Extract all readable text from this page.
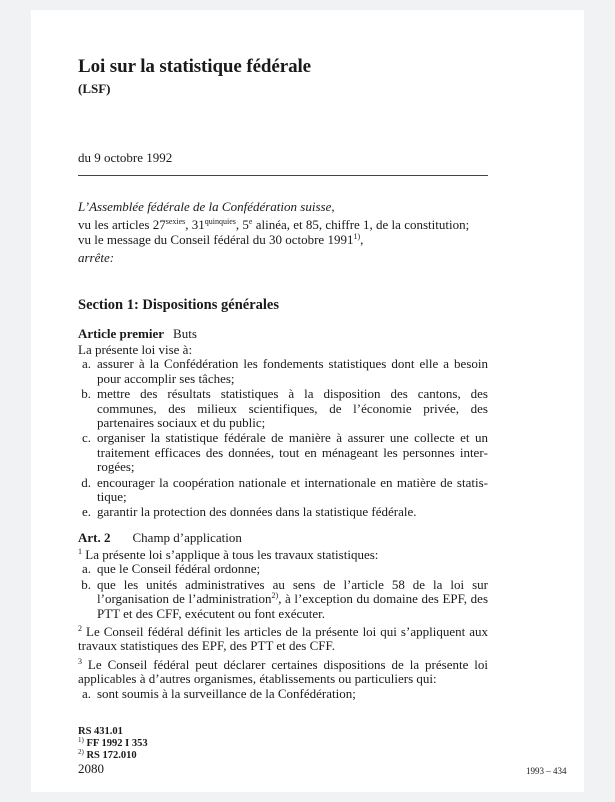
Loi sur la statistique fédérale
(LSF)
du 9 octobre 1992
L’Assemblée fédérale de la Confédération suisse,
vu les articles $27^{sexies}$, $31^{quinquies}$, 5e alinéa, et 85, chiffre 1, de la constitution;
vu le message du Conseil fédéral du 30 octobre 1991$^{1)}$,
arrête:
Section 1: Dispositions générales
Article premier Buts
La présente loi vise à:
a. assurer à la Confédération les fondements statistiques dont elle a besoin pour accomplir ses tâches;
b. mettre des résultats statistiques à la disposition des cantons, des communes, des milieux scientifiques, de l’économie privée, des partenaires sociaux et du public;
c. organiser la statistique fédérale de manière à assurer une collecte et un traitement efficaces des données, tout en ménageant les personnes interrogées;
d. encourager la coopération nationale et internationale en matière de statistique;
e. garantir la protection des données dans la statistique fédérale.
Art. 2 Champ d’application
$^1$ La présente loi s’applique à tous les travaux statistiques:
a. que le Conseil fédéral ordonne;
b. que les unités administratives au sens de l’article 58 de la loi sur l’organisation de l’administration$^{2)}$, à l’exception du domaine des EPF, des PTT et des CFF, exécutent ou font exécuter.
$^2$ Le Conseil fédéral définit les articles de la présente loi qui s’appliquent aux travaux statistiques des EPF, des PTT et des CFF.
$^3$ Le Conseil fédéral peut déclarer certaines dispositions de la présente loi applicables à d’autres organismes, établissements ou particuliers qui:
a. sont soumis à la surveillance de la Confédération;
RS 431.01
$^{1)}$ FF 1992 I 353
$^{2)}$ RS 172.010
2080	1993 – 434
